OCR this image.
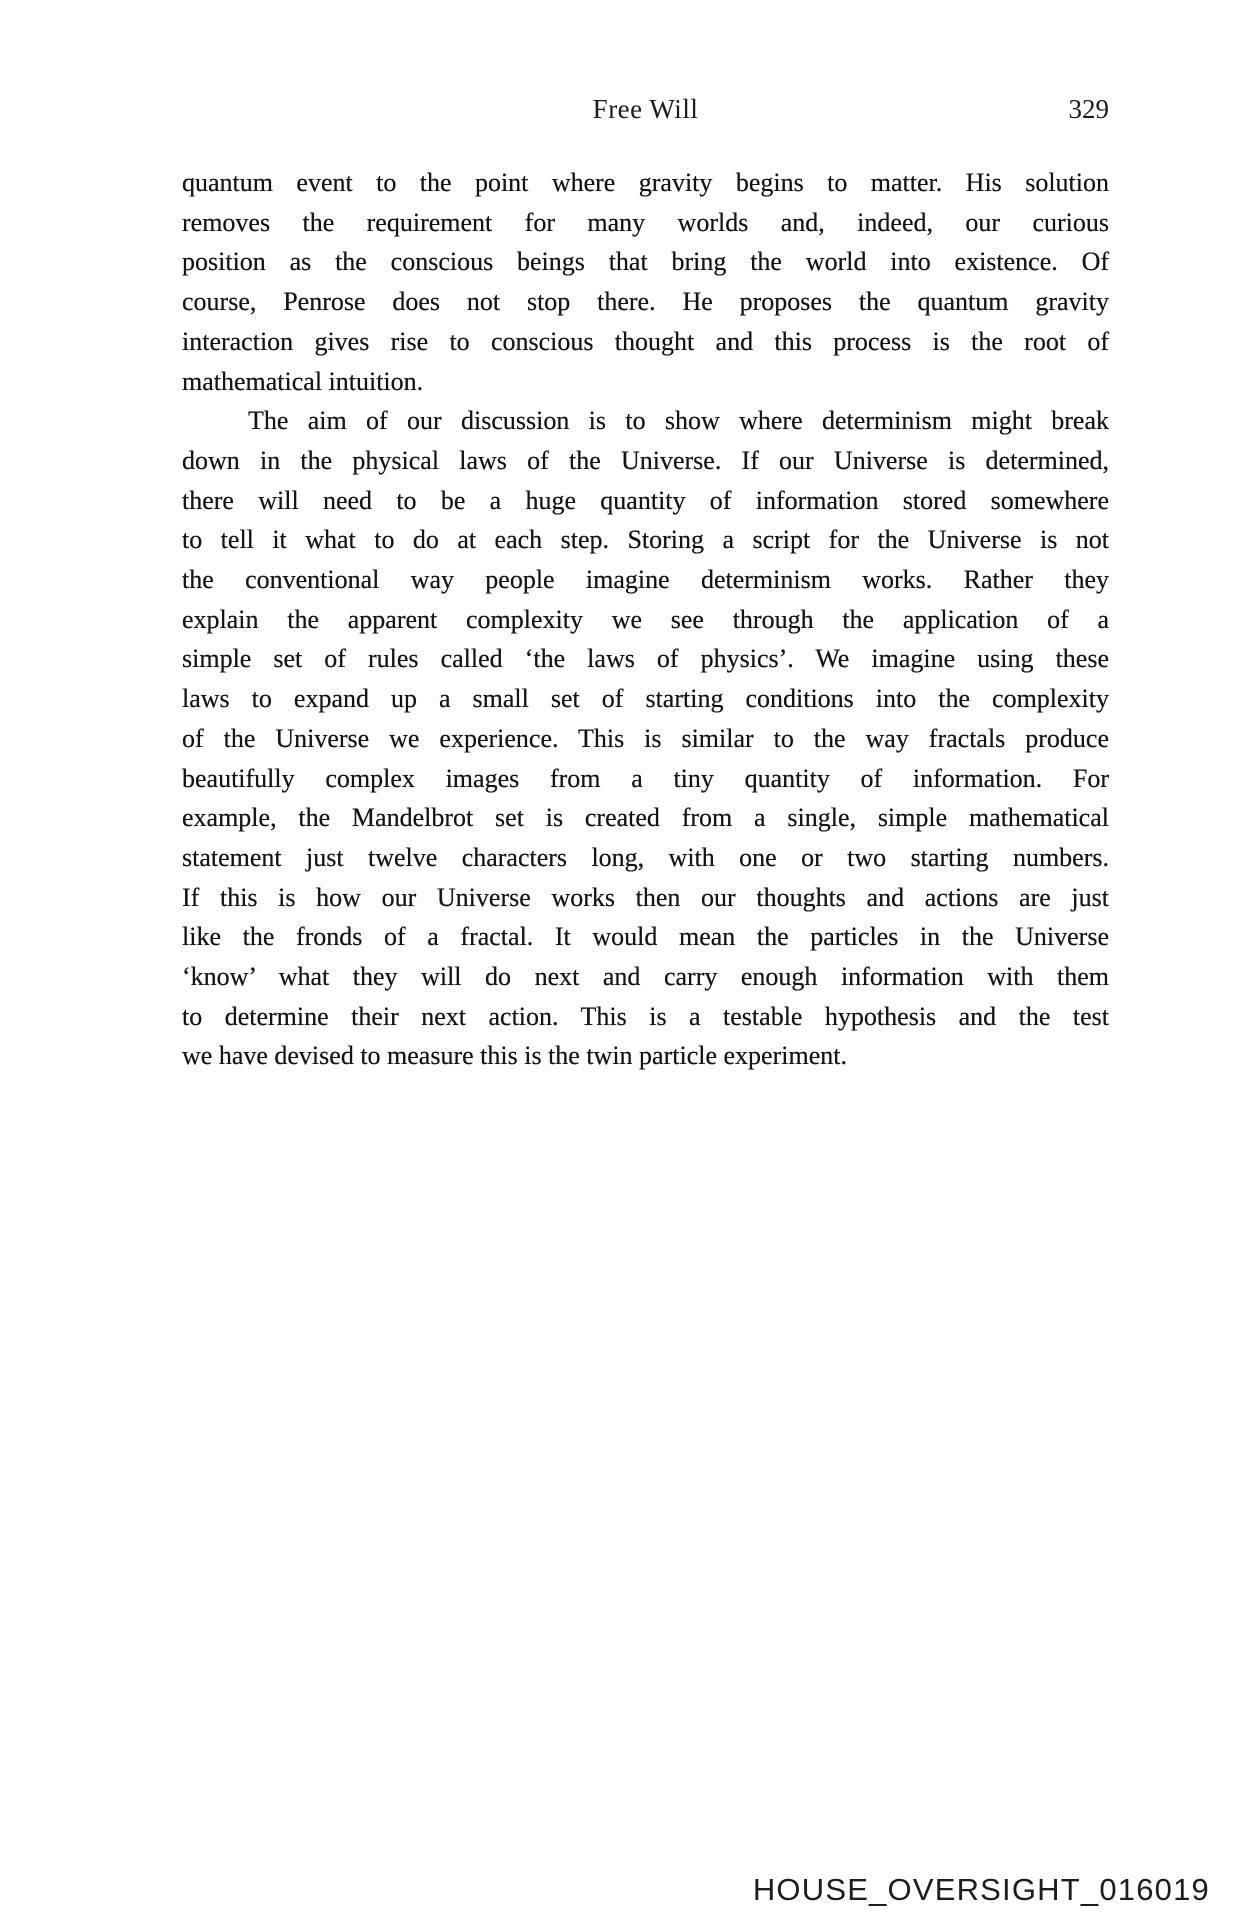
Free Will	329
quantum event to the point where gravity begins to matter. His solution
removes the requirement for many worlds and, indeed, our curious
position as the conscious beings that bring the world into existence. Of
course, Penrose does not stop there. He proposes the quantum gravity
interaction gives rise to conscious thought and this process is the root of
mathematical intuition.
The aim of our discussion is to show where determinism might break
down in the physical laws of the Universe. If our Universe is determined,
there will need to be a huge quantity of information stored somewhere
to tell it what to do at each step. Storing a script for the Universe is not
the conventional way people imagine determinism works. Rather they
explain the apparent complexity we see through the application of a
simple set of rules called ‘the laws of physics’. We imagine using these
laws to expand up a small set of starting conditions into the complexity
of the Universe we experience. This is similar to the way fractals produce
beautifully complex images from a tiny quantity of information. For
example, the Mandelbrot set is created from a single, simple mathematical
statement just twelve characters long, with one or two starting numbers.
If this is how our Universe works then our thoughts and actions are just
like the fronds of a fractal. It would mean the particles in the Universe
‘know’ what they will do next and carry enough information with them
to determine their next action. This is a testable hypothesis and the test
we have devised to measure this is the twin particle experiment.
HOUSE_OVERSIGHT_016019
